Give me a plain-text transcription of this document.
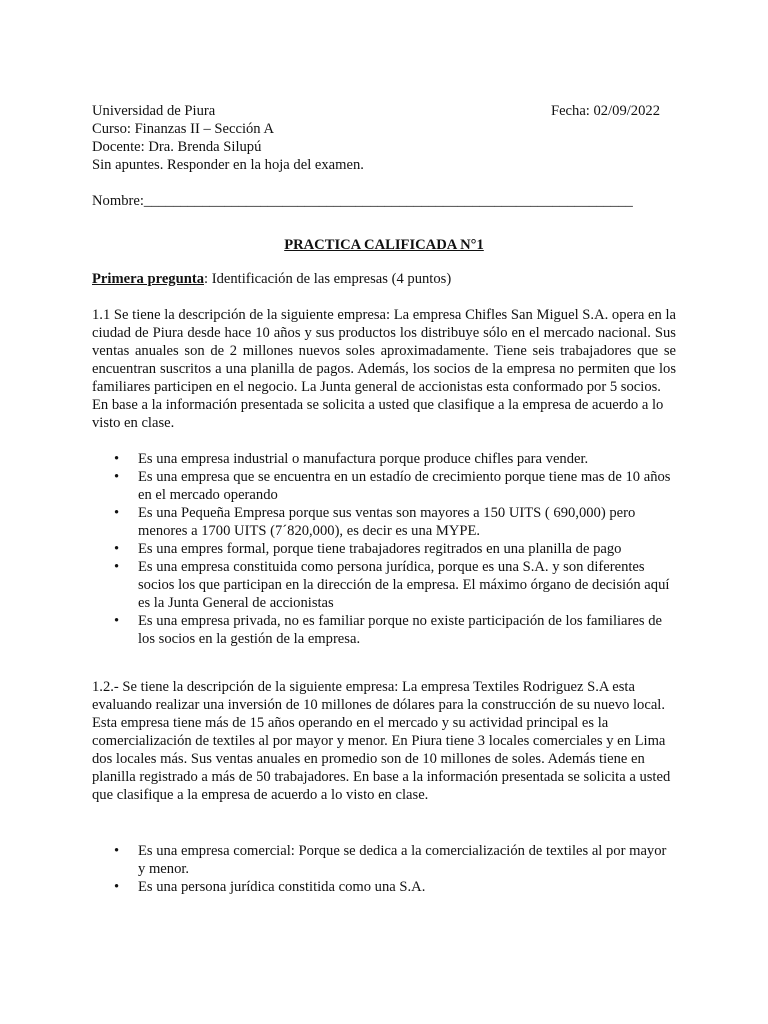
Universidad de Piura	Fecha: 02/09/2022
Curso: Finanzas II – Sección A
Docente: Dra. Brenda Silupú
Sin apuntes. Responder en la hoja del examen.
Nombre:___________________________________________________________________
PRACTICA CALIFICADA N°1
Primera pregunta: Identificación de las empresas (4 puntos)
1.1 Se tiene la descripción de la siguiente empresa: La empresa Chifles San Miguel S.A. opera en la ciudad de Piura desde hace 10 años y sus productos los distribuye sólo en el mercado nacional. Sus ventas anuales son de 2 millones nuevos soles aproximadamente. Tiene seis trabajadores que se encuentran suscritos a una planilla de pagos. Además, los socios de la empresa no permiten que los familiares participen en el negocio. La Junta general de accionistas esta conformado por 5 socios.
En base a la información presentada se solicita a usted que clasifique a la empresa de acuerdo a lo visto en clase.
• Es una empresa industrial o manufactura porque produce chifles para vender.
• Es una empresa que se encuentra en un estadío de crecimiento porque tiene mas de 10 años en el mercado operando
• Es una Pequeña Empresa porque sus ventas son mayores a 150 UITS ( 690,000) pero menores a 1700 UITS (7´820,000), es decir es una MYPE.
• Es una empres formal, porque tiene trabajadores regitrados en una planilla de pago
• Es una empresa constituida como persona jurídica, porque es una S.A. y son diferentes socios los que participan en la dirección de la empresa. El máximo órgano de decisión aquí es la Junta General de accionistas
• Es una empresa privada, no es familiar porque no existe participación de los familiares de los socios en la gestión de la empresa.
1.2.- Se tiene la descripción de la siguiente empresa: La empresa Textiles Rodriguez S.A esta evaluando realizar una inversión de 10 millones de dólares para la construcción de su nuevo local. Esta empresa tiene más de 15 años operando en el mercado y su actividad principal es la comercialización de textiles al por mayor y menor. En Piura tiene 3 locales comerciales y en Lima dos locales más. Sus ventas anuales en promedio son de 10 millones de soles. Además tiene en planilla registrado a más de 50 trabajadores. En base a la información presentada se solicita a usted que clasifique a la empresa de acuerdo a lo visto en clase.
• Es una empresa comercial: Porque se dedica a la comercialización de textiles al por mayor y menor.
• Es una persona jurídica constitida como una S.A.
